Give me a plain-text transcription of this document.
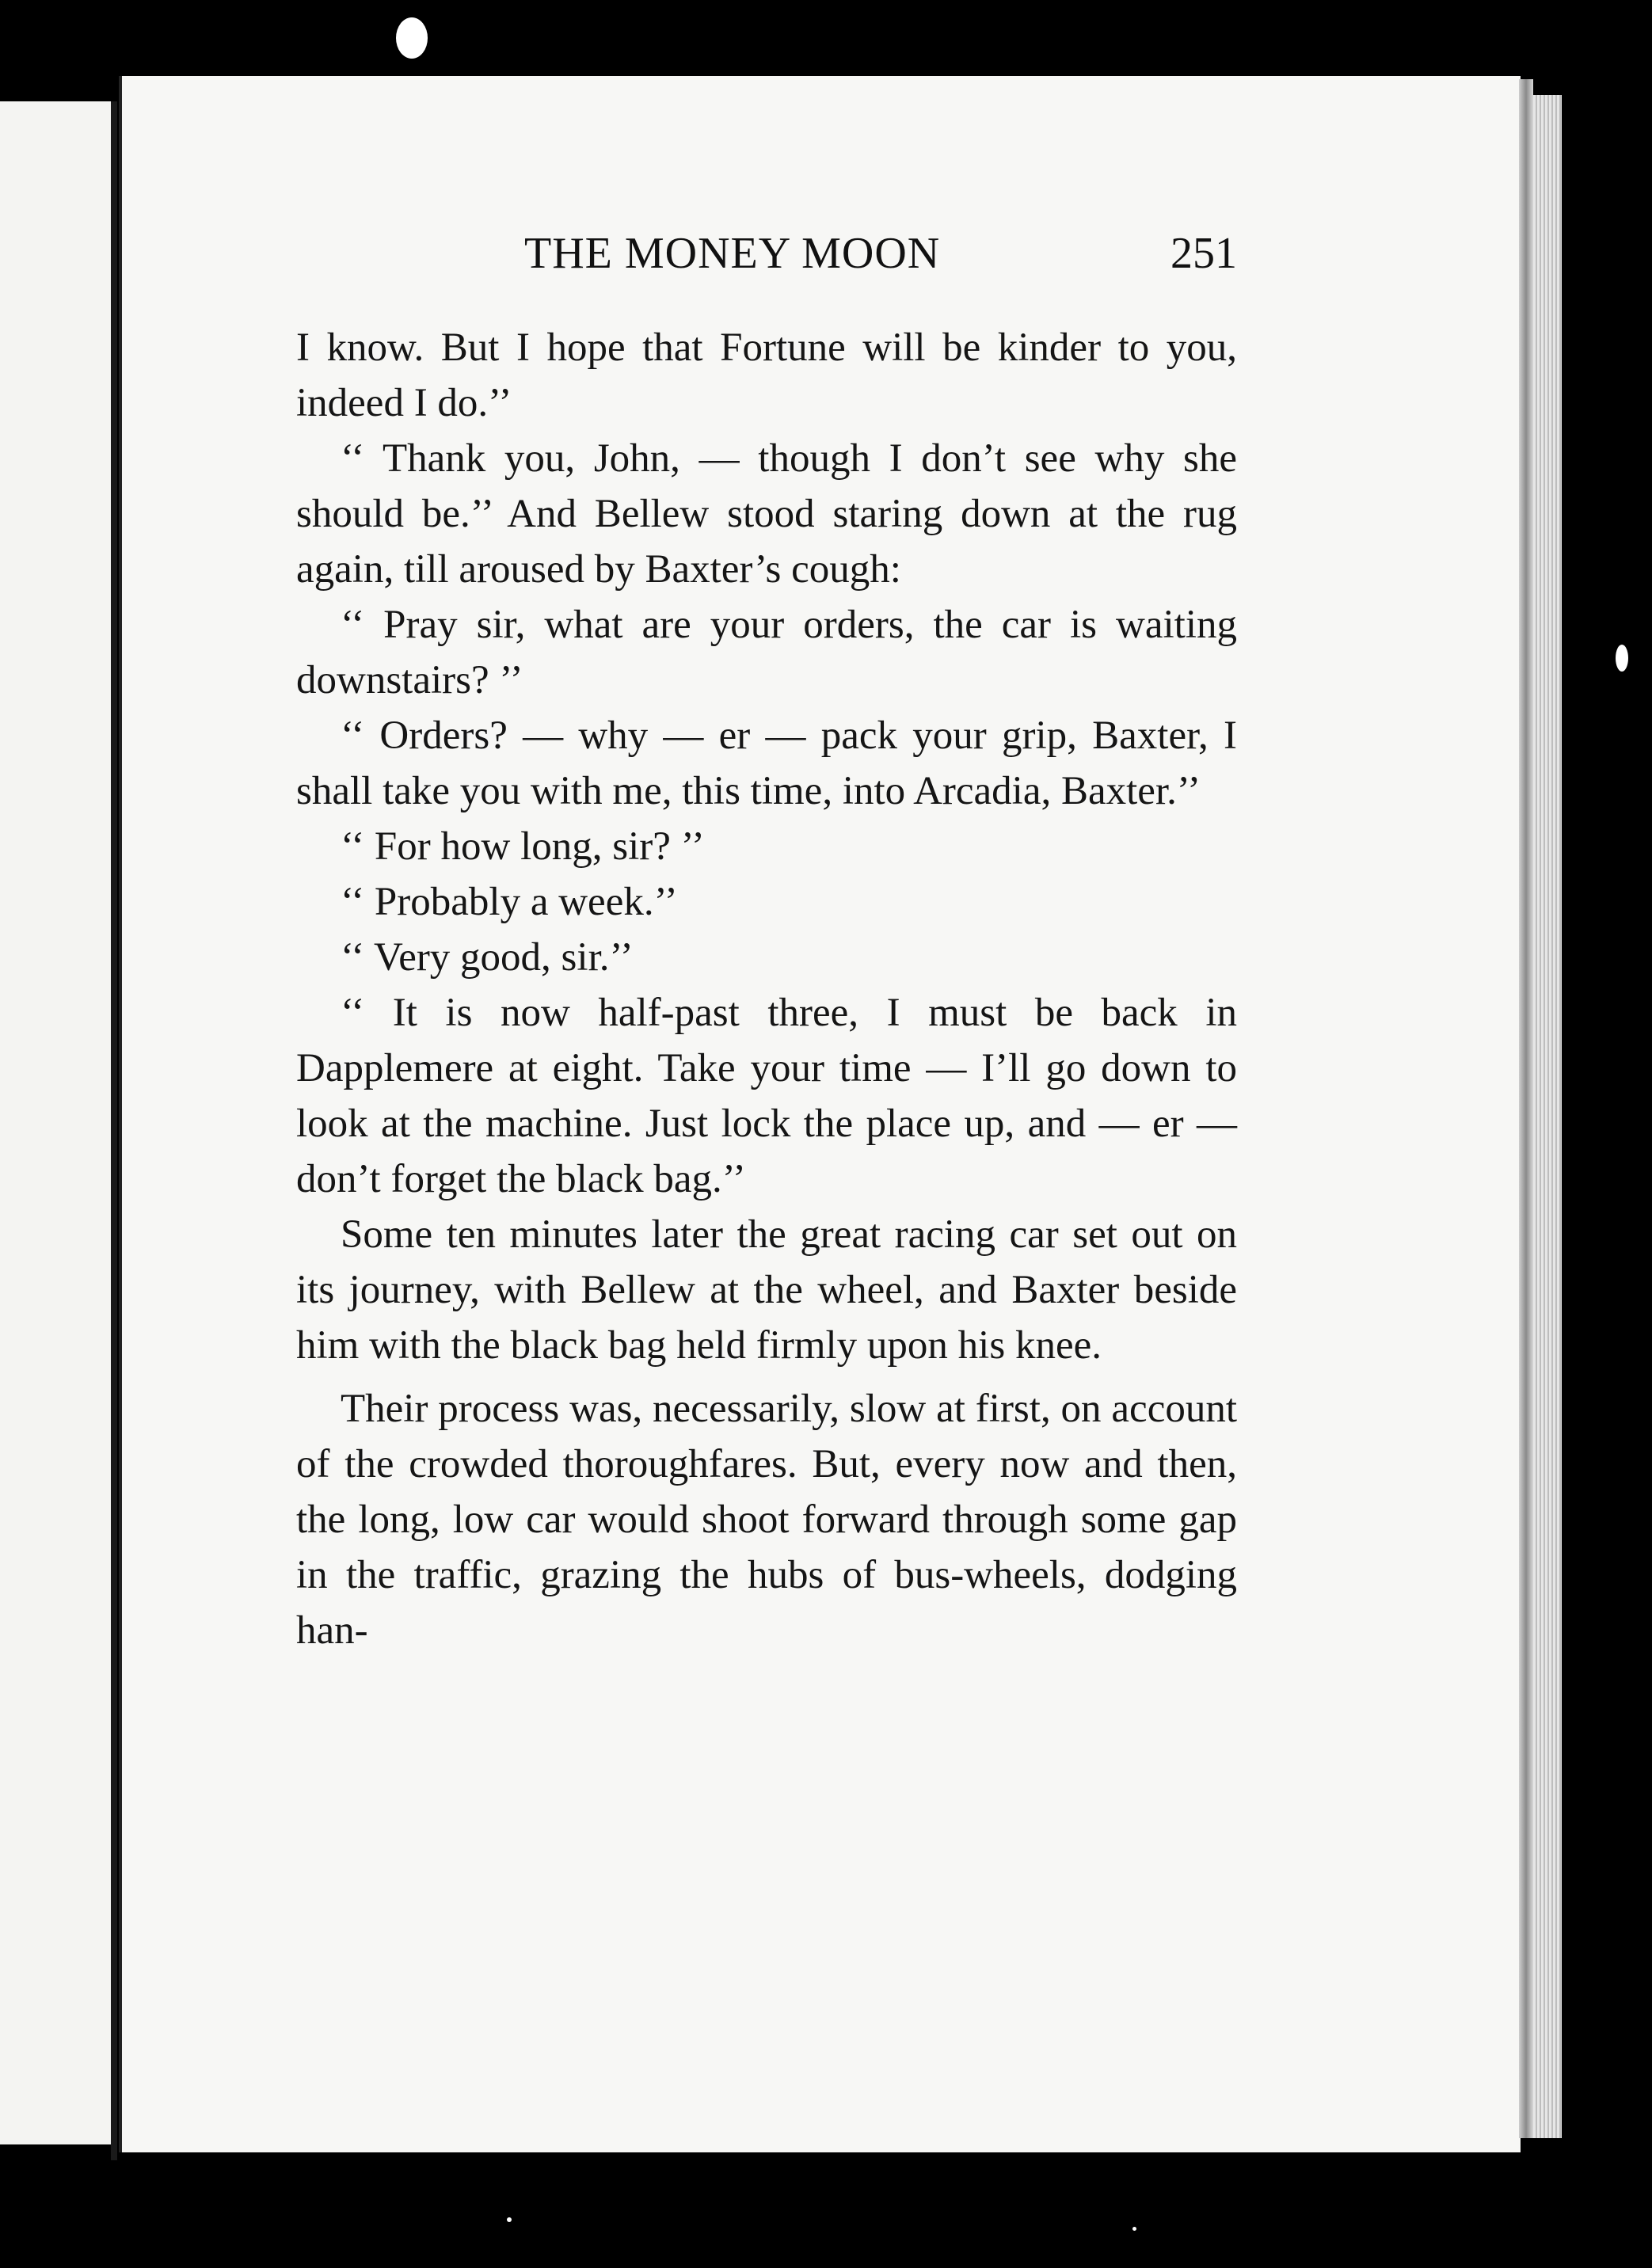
THE MONEY MOON	251

I know. But I hope that Fortune will be kinder to you, indeed I do.’’

‘‘ Thank you, John, — though I don’t see why she should be.’’ And Bellew stood staring down at the rug again, till aroused by Baxter’s cough:

‘‘ Pray sir, what are your orders, the car is waiting downstairs? ’’

‘‘ Orders? — why — er — pack your grip, Baxter, I shall take you with me, this time, into Arcadia, Baxter.’’

‘‘ For how long, sir? ’’

‘‘ Probably a week.’’

‘‘ Very good, sir.’’

‘‘ It is now half-past three, I must be back in Dapplemere at eight. Take your time — I’ll go down to look at the machine. Just lock the place up, and — er — don’t forget the black bag.’’

Some ten minutes later the great racing car set out on its journey, with Bellew at the wheel, and Baxter beside him with the black bag held firmly upon his knee.

Their process was, necessarily, slow at first, on account of the crowded thoroughfares. But, every now and then, the long, low car would shoot forward through some gap in the traffic, grazing the hubs of bus-wheels, dodging han-
